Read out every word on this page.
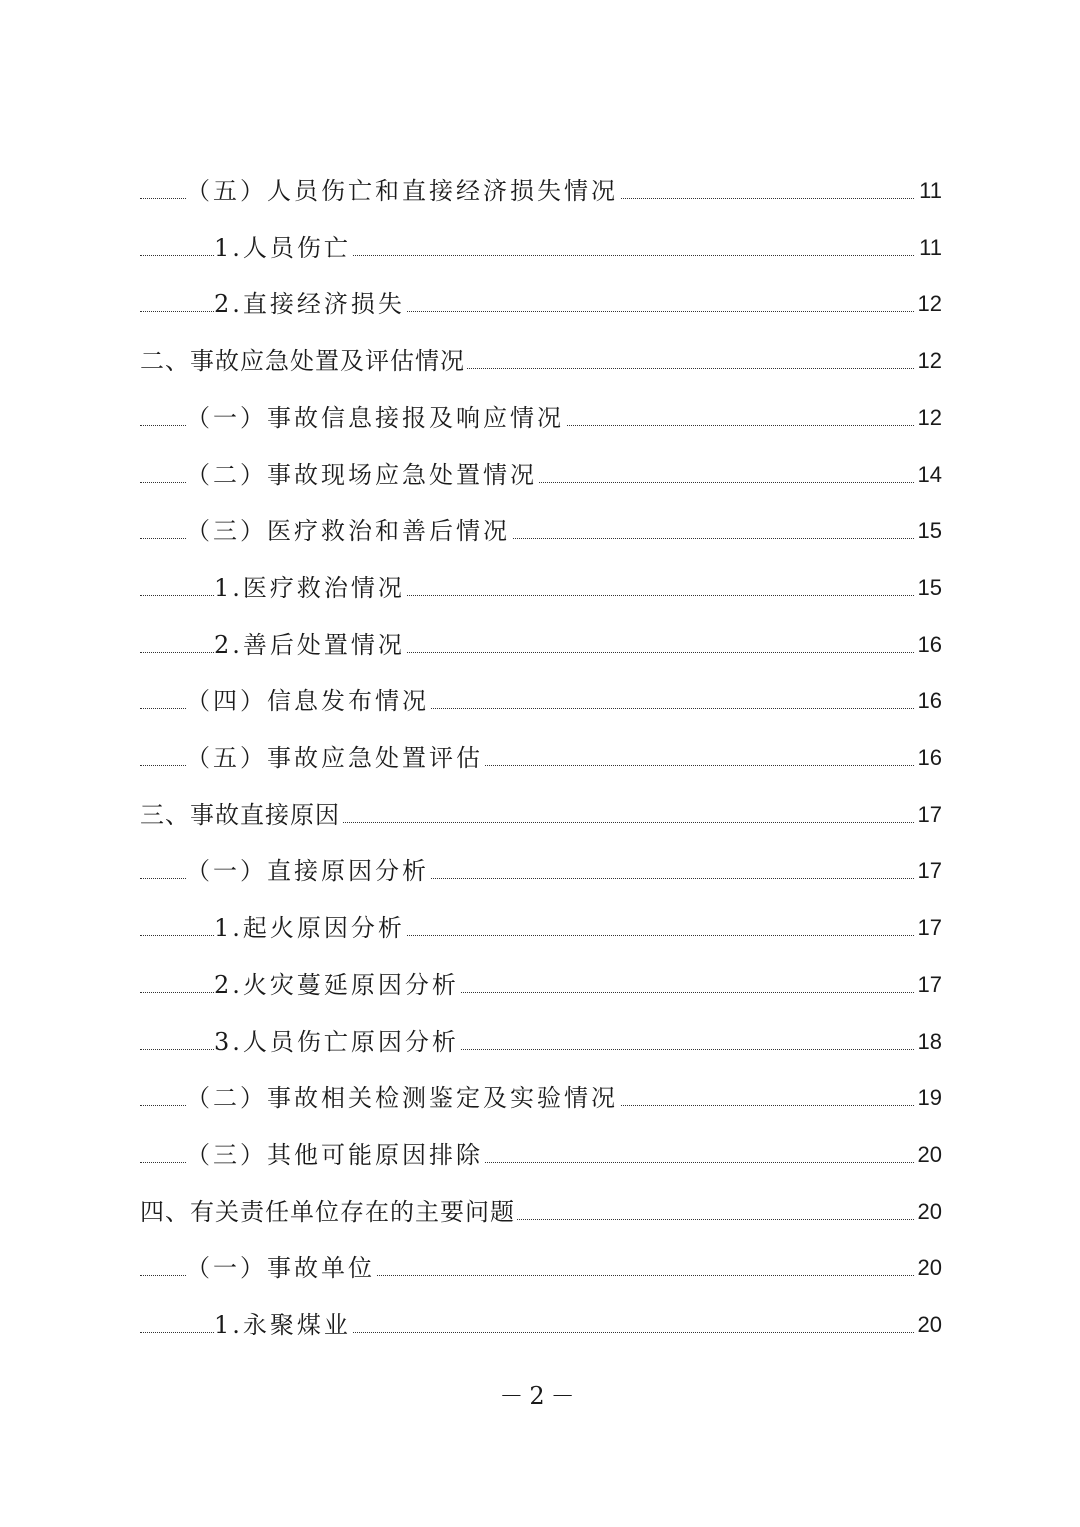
（五）人员伤亡和直接经济损失情况	11
1.人员伤亡	11
2.直接经济损失	12
二、事故应急处置及评估情况	12
（一）事故信息接报及响应情况	12
（二）事故现场应急处置情况	14
（三）医疗救治和善后情况	15
1.医疗救治情况	15
2.善后处置情况	16
（四）信息发布情况	16
（五）事故应急处置评估	16
三、事故直接原因	17
（一）直接原因分析	17
1.起火原因分析	17
2.火灾蔓延原因分析	17
3.人员伤亡原因分析	18
（二）事故相关检测鉴定及实验情况	19
（三）其他可能原因排除	20
四、有关责任单位存在的主要问题	20
（一）事故单位	20
1.永聚煤业	20
－2－
